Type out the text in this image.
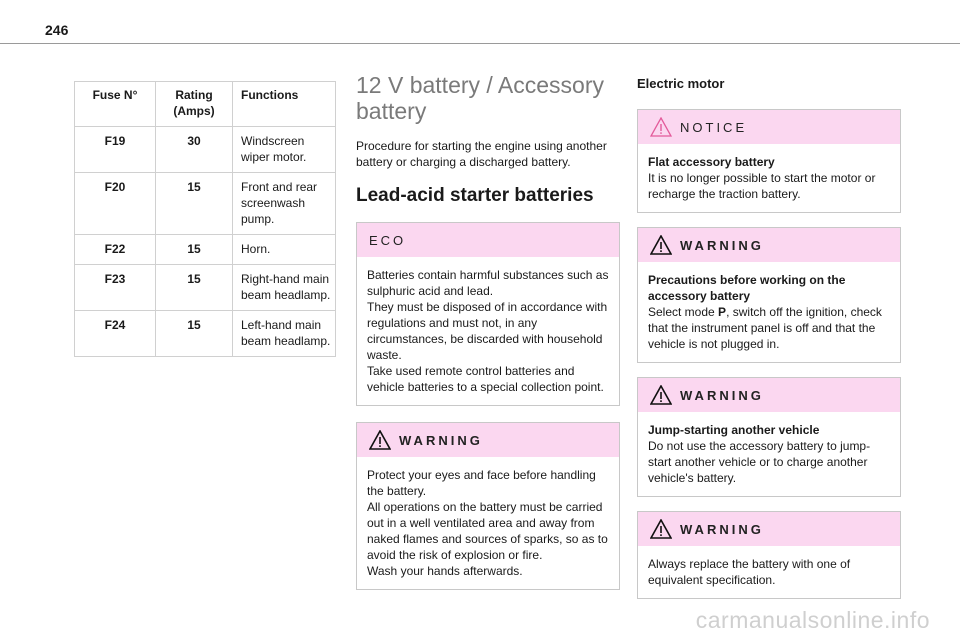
246
Fuse N°	Rating (Amps)	Functions
F19	30	Windscreen wiper motor.
F20	15	Front and rear screenwash pump.
F22	15	Horn.
F23	15	Right-hand main beam headlamp.
F24	15	Left-hand main beam headlamp.
12 V battery / Accessory battery

Procedure for starting the engine using another battery or charging a discharged battery.

Lead-acid starter batteries
ECO

Batteries contain harmful substances such as sulphuric acid and lead.
They must be disposed of in accordance with regulations and must not, in any circumstances, be discarded with household waste.
Take used remote control batteries and vehicle batteries to a special collection point.

WARNING

Protect your eyes and face before handling the battery.
All operations on the battery must be carried out in a well ventilated area and away from naked flames and sources of sparks, so as to avoid the risk of explosion or fire.
Wash your hands afterwards.

Electric motor
NOTICE

Flat accessory battery

It is no longer possible to start the motor or recharge the traction battery.

WARNING

Precautions before working on the accessory battery

Select mode P, switch off the ignition, check that the instrument panel is off and that the vehicle is not plugged in.

WARNING

Jump-starting another vehicle

Do not use the accessory battery to jump-start another vehicle or to charge another vehicle's battery.

WARNING

Always replace the battery with one of equivalent specification.

carmanualsonline.info
